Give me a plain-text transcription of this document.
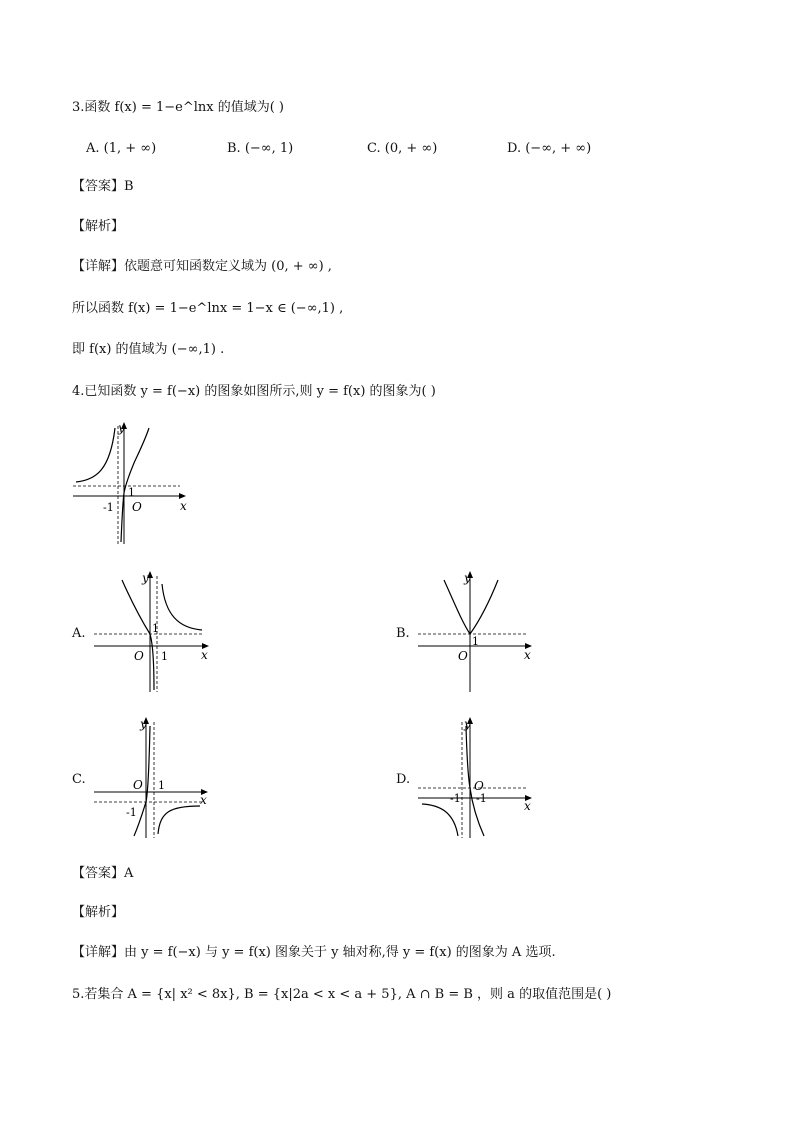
3.函数 f(x) = 1−e^lnx 的值域为( )
A. (1, + ∞)	B. (−∞, 1)	C. (0, + ∞)	D. (−∞, + ∞)
【答案】B
【解析】
【详解】依题意可知函数定义域为 (0, + ∞) ,
所以函数 f(x) = 1−e^lnx = 1−x ∈ (−∞,1) ,
即 f(x) 的值域为 (−∞,1) .
4.已知函数 y = f(−x) 的图象如图所示,则 y = f(x) 的图象为( )
y
x
O
-1
1
A.
y
x
O
1
1
B.
y
x
O
1
C.
y
x
O 1
-1
D.
y
x
O
-1 -1
【答案】A
【解析】
【详解】由 y = f(−x) 与 y = f(x) 图象关于 y 轴对称,得 y = f(x) 的图象为 A 选项.
5.若集合 A = {x| x² < 8x}, B = {x|2a < x < a + 5}, A ∩ B = B ，则 a 的取值范围是( )
